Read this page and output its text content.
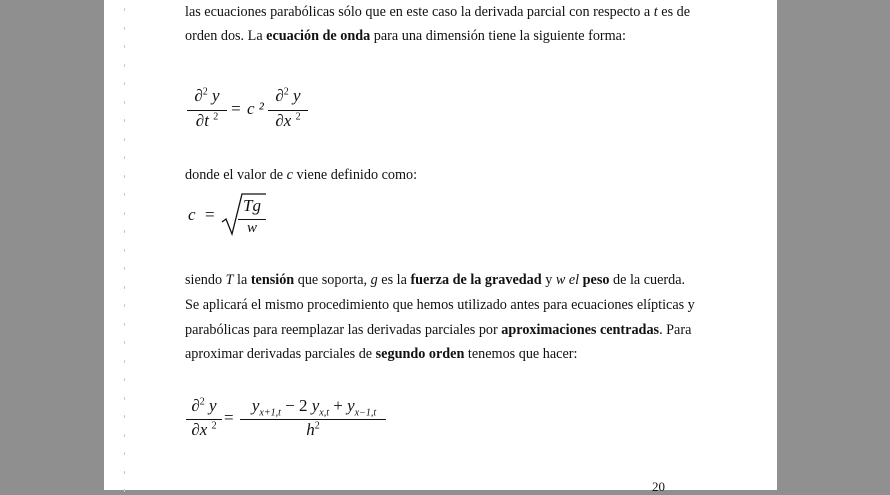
las ecuaciones parabólicas sólo que en este caso la derivada parcial con respecto a t es de
orden dos. La ecuación de onda para una dimensión tiene la siguiente forma:
∂$^2$ y
∂t $^2$ = c ²
∂$^2$ y
∂x $^2$
donde el valor de c viene definido como:
c = Tg
w
siendo T la tensión que soporta, g es la fuerza de la gravedad y w el peso de la cuerda.
Se aplicará el mismo procedimiento que hemos utilizado antes para ecuaciones elípticas y
parabólicas para reemplazar las derivadas parciales por aproximaciones centradas. Para
aproximar derivadas parciales de segundo orden tenemos que hacer:
∂$^2$ y
∂x $^2$ =
$y_{x+1,t} - 2$ $y_{x,t} + y_{x-1,t}$
$h^2$
20
